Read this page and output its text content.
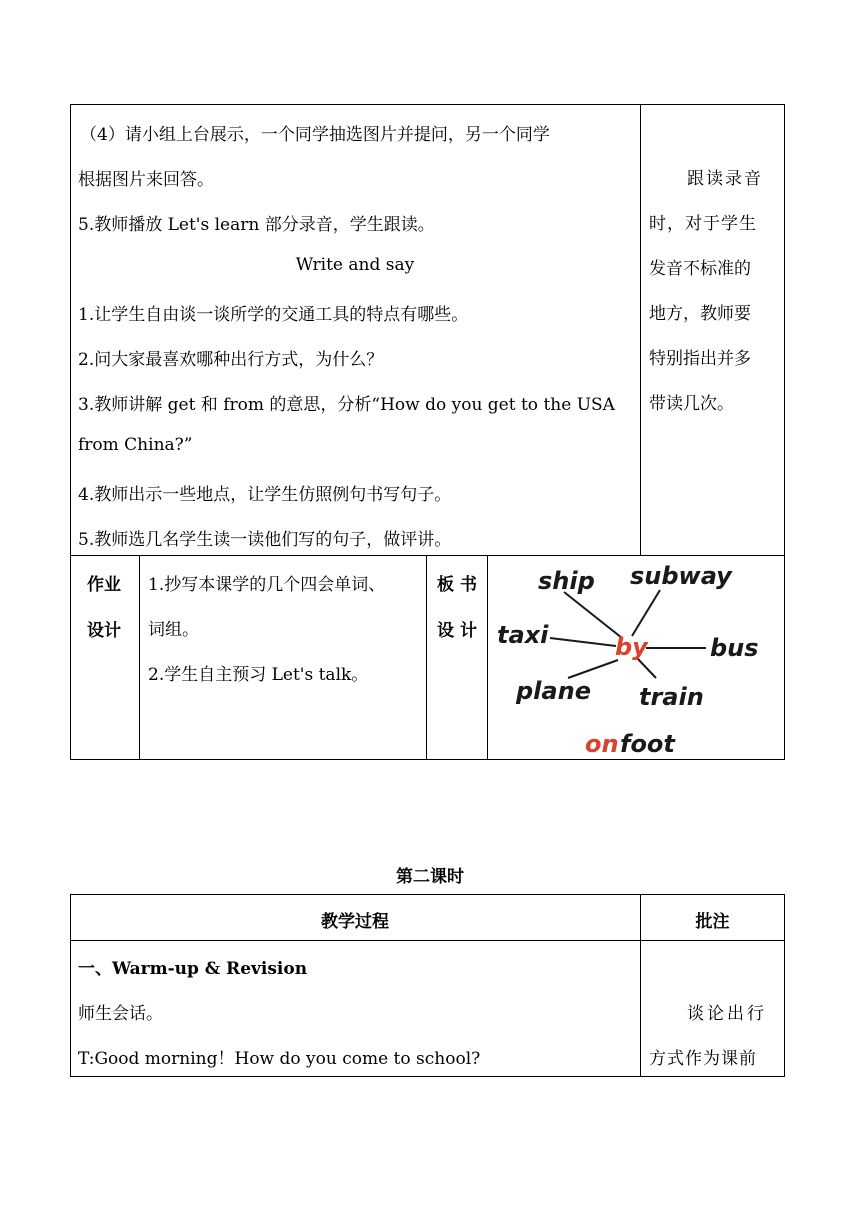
（4）请小组上台展示，一个同学抽选图片并提问，另一个同学
根据图片来回答。
5.教师播放 Let's learn 部分录音，学生跟读。
Write and say
1.让学生自由谈一谈所学的交通工具的特点有哪些。
2.问大家最喜欢哪种出行方式，为什么？
3.教师讲解 get 和 from 的意思，分析“How do you get to the USA
from China?”
4.教师出示一些地点，让学生仿照例句书写句子。
5.教师选几名学生读一读他们写的句子，做评讲。
跟读录音
时，对于学生
发音不标准的
地方，教师要
特别指出并多
带读几次。
作业
设计
1.抄写本课学的几个四会单词、
词组。
2.学生自主预习 Let's talk。
板 书
设 计
ship subway
taxi	bus
plane train
by
on foot
第二课时
教学过程	批注
一、Warm-up & Revision
师生会话。
T:Good morning！How do you come to school?
谈论出行
方式作为课前
